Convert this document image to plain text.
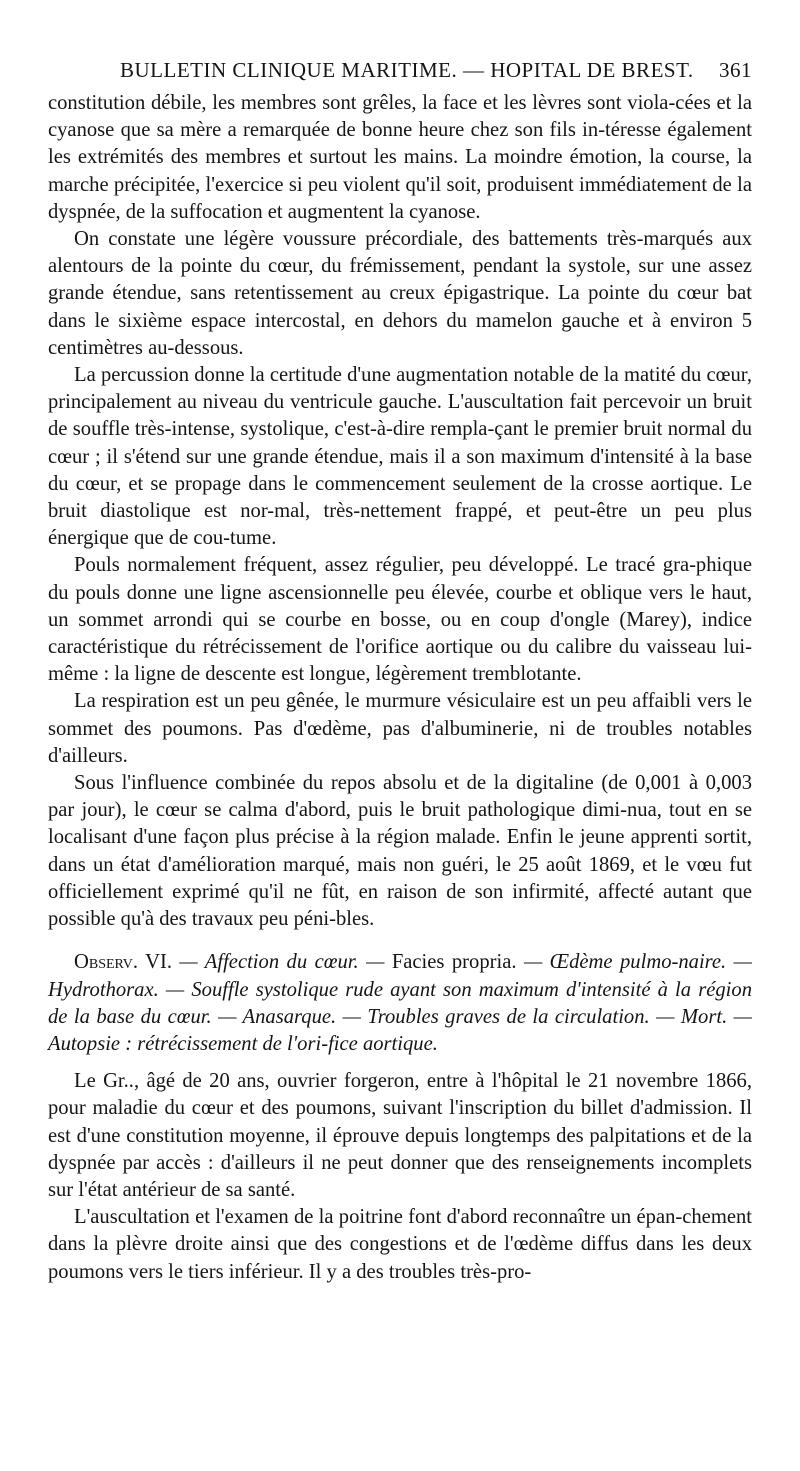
BULLETIN CLINIQUE MARITIME. — HOPITAL DE BREST. 361

constitution débile, les membres sont grêles, la face et les lèvres sont viola-cées et la cyanose que sa mère a remarquée de bonne heure chez son fils in-téresse également les extrémités des membres et surtout les mains. La moindre émotion, la course, la marche précipitée, l'exercice si peu violent qu'il soit, produisent immédiatement de la dyspnée, de la suffocation et augmentent la cyanose.

On constate une légère voussure précordiale, des battements très-marqués aux alentours de la pointe du cœur, du frémissement, pendant la systole, sur une assez grande étendue, sans retentissement au creux épigastrique. La pointe du cœur bat dans le sixième espace intercostal, en dehors du mamelon gauche et à environ 5 centimètres au-dessous.

La percussion donne la certitude d'une augmentation notable de la matité du cœur, principalement au niveau du ventricule gauche. L'auscultation fait percevoir un bruit de souffle très-intense, systolique, c'est-à-dire rempla-çant le premier bruit normal du cœur ; il s'étend sur une grande étendue, mais il a son maximum d'intensité à la base du cœur, et se propage dans le commencement seulement de la crosse aortique. Le bruit diastolique est nor-mal, très-nettement frappé, et peut-être un peu plus énergique que de cou-tume.

Pouls normalement fréquent, assez régulier, peu développé. Le tracé gra-phique du pouls donne une ligne ascensionnelle peu élevée, courbe et oblique vers le haut, un sommet arrondi qui se courbe en bosse, ou en coup d'ongle (Marey), indice caractéristique du rétrécissement de l'orifice aortique ou du calibre du vaisseau lui-même : la ligne de descente est longue, légèrement tremblotante.

La respiration est un peu gênée, le murmure vésiculaire est un peu affaibli vers le sommet des poumons. Pas d'œdème, pas d'albuminerie, ni de troubles notables d'ailleurs.

Sous l'influence combinée du repos absolu et de la digitaline (de 0,001 à 0,003 par jour), le cœur se calma d'abord, puis le bruit pathologique dimi-nua, tout en se localisant d'une façon plus précise à la région malade. Enfin le jeune apprenti sortit, dans un état d'amélioration marqué, mais non guéri, le 25 août 1869, et le vœu fut officiellement exprimé qu'il ne fût, en raison de son infirmité, affecté autant que possible qu'à des travaux peu péni-bles.

Observ. VI. — Affection du cœur. — Facies propria. — Œdème pulmo-naire. — Hydrothorax. — Souffle systolique rude ayant son maximum d'intensité à la région de la base du cœur. — Anasarque. — Troubles graves de la circulation. — Mort. — Autopsie : rétrécissement de l'ori-fice aortique.

Le Gr.., âgé de 20 ans, ouvrier forgeron, entre à l'hôpital le 21 novembre 1866, pour maladie du cœur et des poumons, suivant l'inscription du billet d'admission. Il est d'une constitution moyenne, il éprouve depuis longtemps des palpitations et de la dyspnée par accès : d'ailleurs il ne peut donner que des renseignements incomplets sur l'état antérieur de sa santé.

L'auscultation et l'examen de la poitrine font d'abord reconnaître un épan-chement dans la plèvre droite ainsi que des congestions et de l'œdème diffus dans les deux poumons vers le tiers inférieur. Il y a des troubles très-pro-
